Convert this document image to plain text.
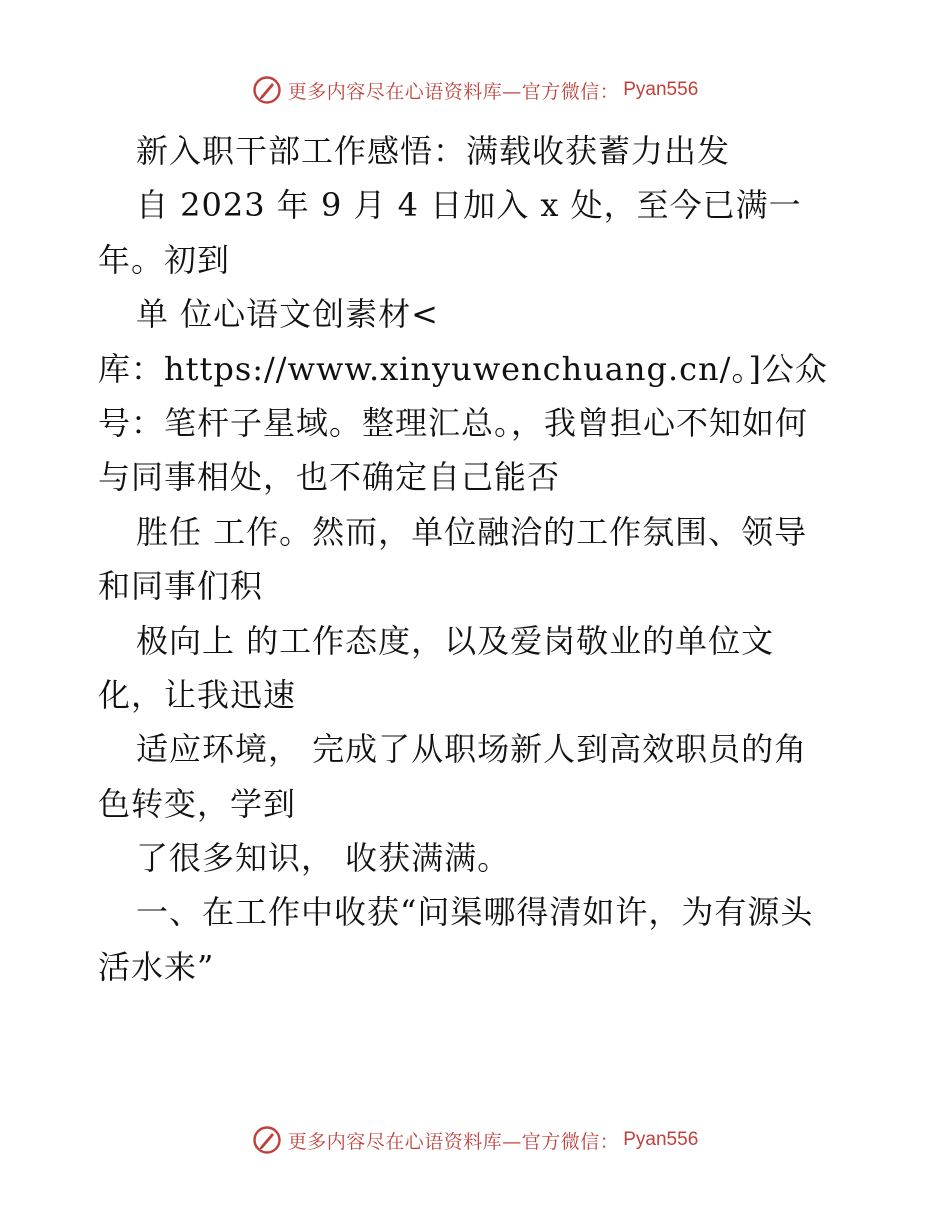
更多内容尽在心语资料库—官方微信： Pyan556
新入职干部工作感悟：满载收获蓄力出发
自 2023 年 9 月 4 日加入 x 处，至今已满一
年。初到
单 位心语文创素材<
库：https://www.xinyuwenchuang.cn/。]公众
号：笔杆子星域。整理汇总。，我曾担心不知如何
与同事相处，也不确定自己能否
胜任 工作。然而，单位融洽的工作氛围、领导
和同事们积
极向上 的工作态度，以及爱岗敬业的单位文
化，让我迅速
适应环境， 完成了从职场新人到高效职员的角
色转变，学到
了很多知识， 收获满满。
一、在工作中收获“问渠哪得清如许，为有源头
活水来”
更多内容尽在心语资料库—官方微信： Pyan556
